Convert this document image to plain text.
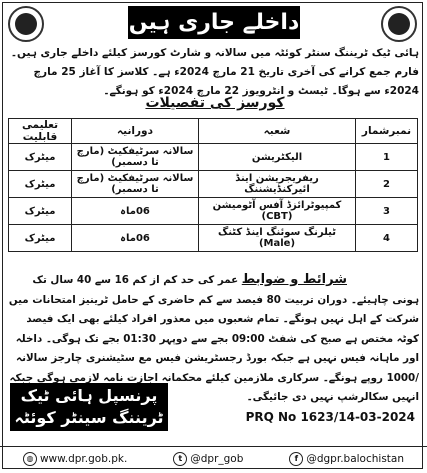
داخلے جاری ہیں
ہائی ٹیک ٹریننگ سنٹر کوئٹہ میں سالانہ و شارٹ کورسز کیلئے داخلے جاری ہیں۔ فارم جمع کرانے کی آخری تاریخ 21 مارچ 2024ء ہے۔ کلاسز کا آغاز 25 مارچ 2024ء سے ہوگا۔ ٹیسٹ و انٹرویوز 22 مارچ 2024ء کو ہونگے۔
کورسز کی تفصیلات
نمبرشمار	شعبہ	دورانیہ	تعلیمی قابلیت
1	الیکٹریشن	سالانہ سرٹیفکیٹ (مارچ تا دسمبر)	میٹرک
2	ریفریجریشن اینڈ ائیرکنڈیشننگ	سالانہ سرٹیفکیٹ (مارچ تا دسمبر)	میٹرک
3	کمپیوٹرائزڈ آفس آٹومیشن (CBT)	06ماہ	میٹرک
4	ٹیلرنگ سوئنگ اینڈ کٹنگ (Male)	06ماہ	میٹرک
شرائط و ضوابط عمر کی حد کم از کم 16 سے 40 سال تک ہونی چاہیئے۔ دوران تربیت 80 فیصد سے کم حاضری کے حامل ٹرینیز امتحانات میں شرکت کے اہل نہیں ہونگے۔ تمام شعبوں میں معذور افراد کیلئے بھی ایک فیصد کوٹہ مختص ہے صبح کی شفٹ 09:00 بجے سے دوپہر 01:30 بجے تک ہوگی۔ داخلہ اور ماہانہ فیس نہیں ہے جبکہ بورڈ رجسٹریشن فیس مع سٹیشنری چارجز سالانہ /1000 روپے ہونگے۔ سرکاری ملازمین کیلئے محکمانہ اجازت نامہ لازمی ہوگی جبکہ انہیں سکالرشپ نہیں دی جائیگی۔
پرنسپل ہائی ٹیک
ٹریننگ سینٹر کوئٹہ	PRQ No 1623/14-03-2024
◍ www.dpr.gob.pk.	t @dpr_gob	f @dgpr.balochistan
